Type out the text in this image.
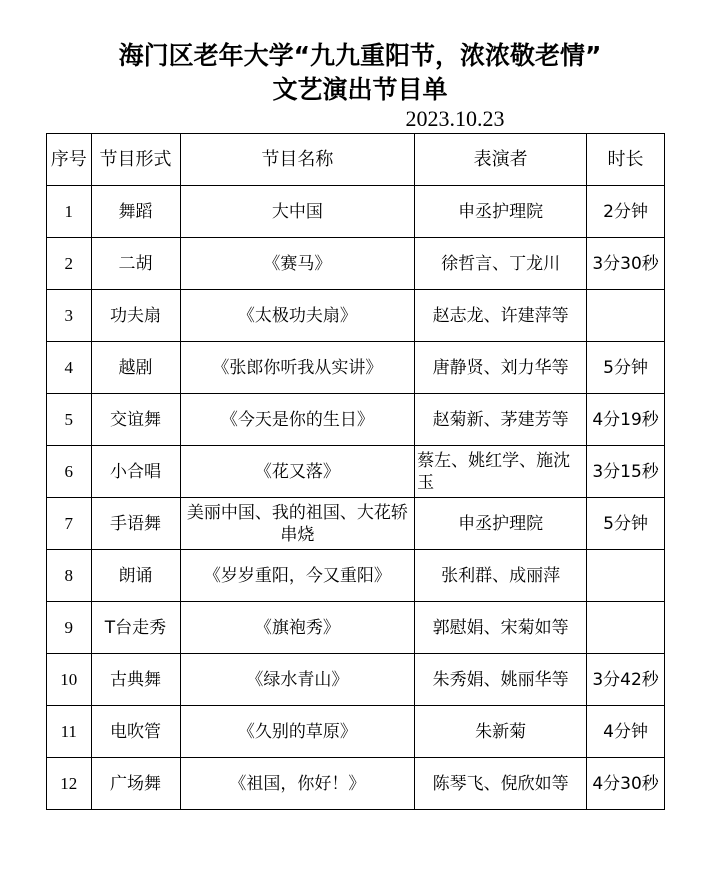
海门区老年大学“九九重阳节，浓浓敬老情”
文艺演出节目单
2023.10.23
序号	节目形式	节目名称	表演者	时长
1	舞蹈	大中国	申丞护理院	2分钟
2	二胡	《赛马》	徐哲言、丁龙川	3分30秒
3	功夫扇	《太极功夫扇》	赵志龙、许建萍等	
4	越剧	《张郎你听我从实讲》	唐静贤、刘力华等	5分钟
5	交谊舞	《今天是你的生日》	赵菊新、茅建芳等	4分19秒
6	小合唱	《花又落》	蔡左、姚红学、施沈玉	3分15秒
7	手语舞	美丽中国、我的祖国、大花轿串烧	申丞护理院	5分钟
8	朗诵	《岁岁重阳，今又重阳》	张利群、成丽萍	
9	T台走秀	《旗袍秀》	郭慰娟、宋菊如等	
10	古典舞	《绿水青山》	朱秀娟、姚丽华等	3分42秒
11	电吹管	《久别的草原》	朱新菊	4分钟
12	广场舞	《祖国，你好！》	陈琴飞、倪欣如等	4分30秒
